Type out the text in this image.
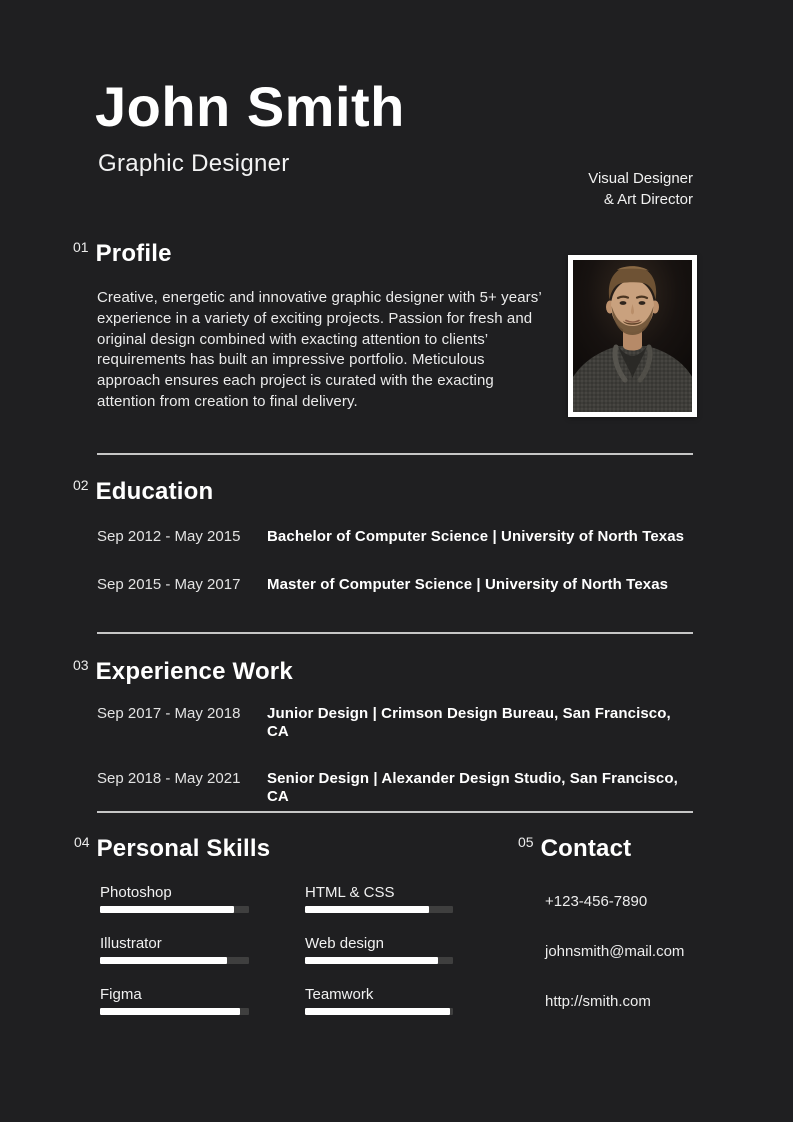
John Smith
Graphic Designer
Visual Designer
& Art Director
01 Profile
Creative, energetic and innovative graphic designer with 5+ years’ experience in a variety of exciting projects. Passion for fresh and original design combined with exacting attention to clients’ requirements has built an impressive portfolio. Meticulous approach ensures each project is curated with the exacting attention from creation to final delivery.
02 Education
Sep 2012 - May 2015	Bachelor of Computer Science | University of North Texas
Sep 2015 - May 2017	Master of Computer Science | University of North Texas
03 Experience Work
Sep 2017 - May 2018	Junior Design | Crimson Design Bureau, San Francisco, CA
Sep 2018 - May 2021	Senior Design | Alexander Design Studio, San Francisco, CA
04 Personal Skills
Photoshop
Illustrator
Figma
HTML & CSS
Web design
Teamwork
05 Contact
+123-456-7890
johnsmith@mail.com
http://smith.com
